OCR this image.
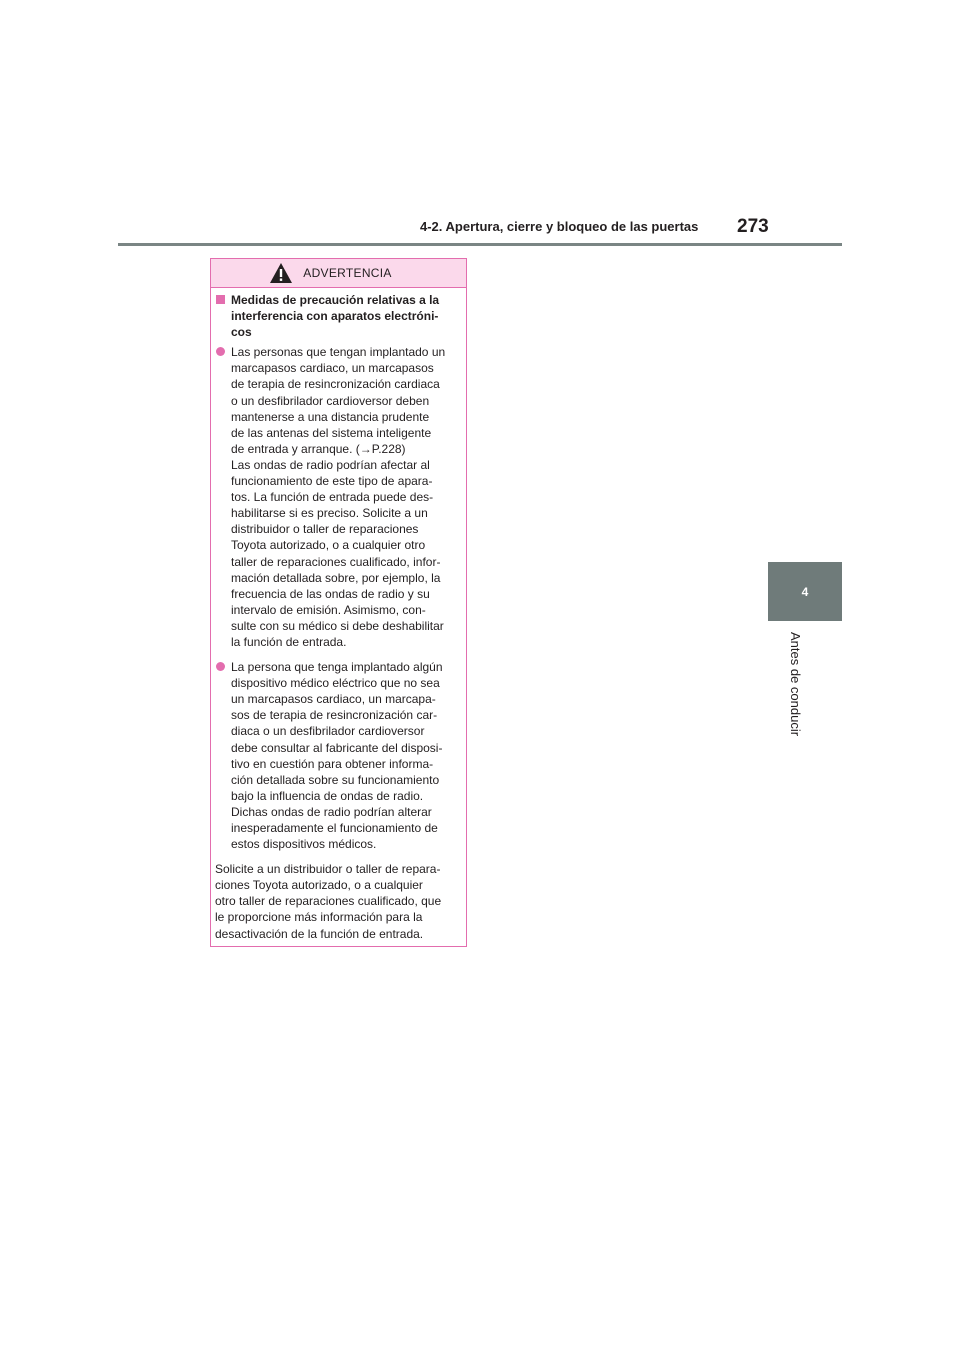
4-2. Apertura, cierre y bloqueo de las puertas 273
4
Antes de conducir
ADVERTENCIA
Medidas de precaución relativas a la interferencia con aparatos electróni-cos
Las personas que tengan implantado un
marcapasos cardiaco, un marcapasos
de terapia de resincronización cardiaca
o un desfibrilador cardioversor deben
mantenerse a una distancia prudente
de las antenas del sistema inteligente
de entrada y arranque. (→P.228)
Las ondas de radio podrían afectar al
funcionamiento de este tipo de apara-
tos. La función de entrada puede des-
habilitarse si es preciso. Solicite a un
distribuidor o taller de reparaciones
Toyota autorizado, o a cualquier otro
taller de reparaciones cualificado, infor-
mación detallada sobre, por ejemplo, la
frecuencia de las ondas de radio y su
intervalo de emisión. Asimismo, con-
sulte con su médico si debe deshabilitar
la función de entrada.
La persona que tenga implantado algún
dispositivo médico eléctrico que no sea
un marcapasos cardiaco, un marcapa-
sos de terapia de resincronización car-
diaca o un desfibrilador cardioversor
debe consultar al fabricante del disposi-
tivo en cuestión para obtener informa-
ción detallada sobre su funcionamiento
bajo la influencia de ondas de radio.
Dichas ondas de radio podrían alterar
inesperadamente el funcionamiento de
estos dispositivos médicos.
Solicite a un distribuidor o taller de repara-
ciones Toyota autorizado, o a cualquier
otro taller de reparaciones cualificado, que
le proporcione más información para la
desactivación de la función de entrada.
